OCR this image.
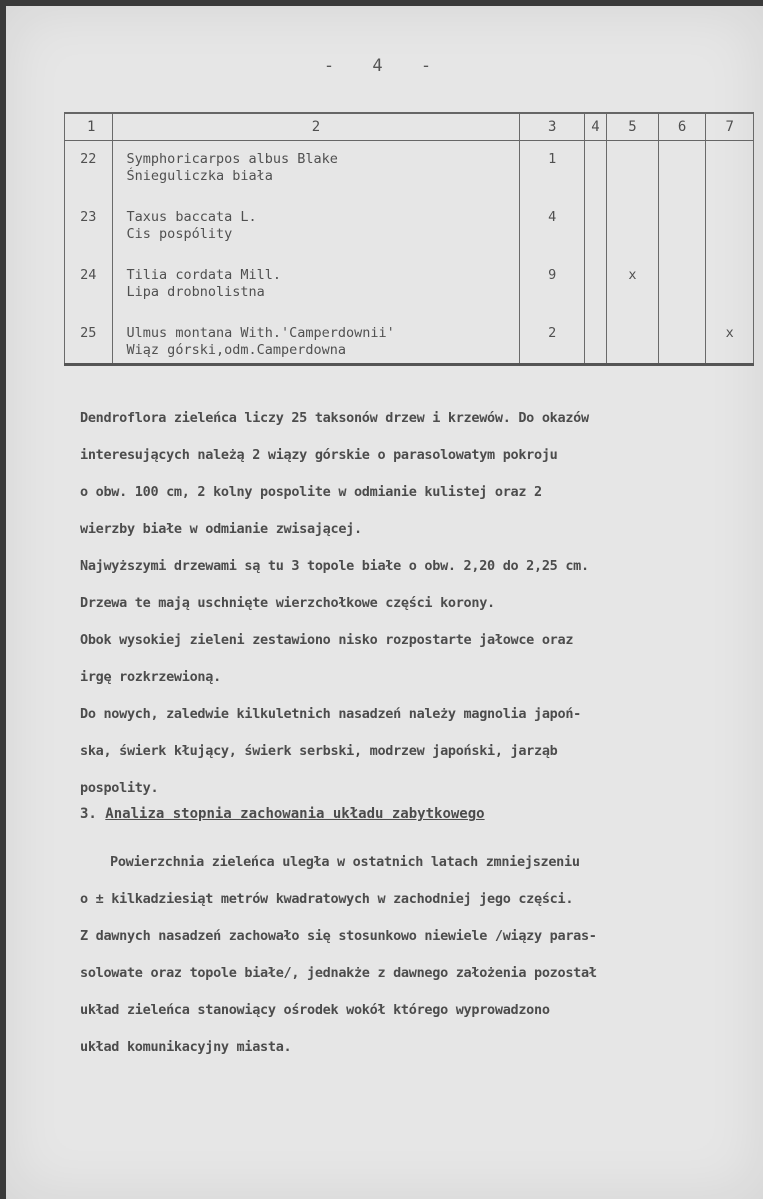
- 4 -
1	2	3	4	5	6	7
22	Symphoricarpos albus Blake
Śnieguliczka biała	1				
23	Taxus baccata L.
Cis pospólity	4				
24	Tilia cordata Mill.
Lipa drobnolistna	9		x		
25	Ulmus montana With.'Camperdownii'
Wiąz górski,odm.Camperdowna	2				x
Dendroflora zieleńca liczy 25 taksonów drzew i krzewów. Do okazów
interesujących należą 2 wiązy górskie o parasolowatym pokroju
o obw. 100 cm, 2 kolny pospolite w odmianie kulistej oraz 2
wierzby białe w odmianie zwisającej.
Najwyższymi drzewami są tu 3 topole białe o obw. 2,20 do 2,25 cm.
Drzewa te mają uschnięte wierzchołkowe części korony.
Obok wysokiej zieleni zestawiono nisko rozpostarte jałowce oraz
irgę rozkrzewioną.
Do nowych, zaledwie kilkuletnich nasadzeń należy magnolia japoń-
ska, świerk kłujący, świerk serbski, modrzew japoński, jarząb
pospolity.
3. Analiza stopnia zachowania układu zabytkowego
Powierzchnia zieleńca uległa w ostatnich latach zmniejszeniu
o ± kilkadziesiąt metrów kwadratowych w zachodniej jego części.
Z dawnych nasadzeń zachowało się stosunkowo niewiele /wiązy paras-
solowate oraz topole białe/, jednakże z dawnego założenia pozostał
układ zieleńca stanowiący ośrodek wokół którego wyprowadzono
układ komunikacyjny miasta.
